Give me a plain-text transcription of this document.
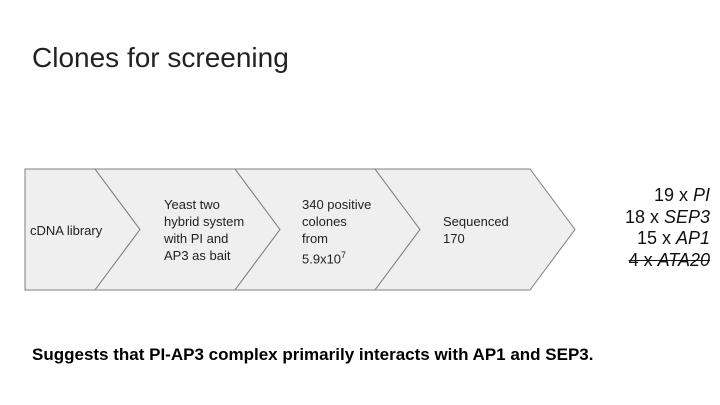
Clones for screening
cDNA library
Yeast two
hybrid system
with PI and
AP3 as bait
340 positive
colones
from
$5.9x10^7$
Sequenced
170
19 x PI
18 x SEP3
15 x AP1
4 x ATA20
Suggests that PI-AP3 complex primarily interacts with AP1 and SEP3.
